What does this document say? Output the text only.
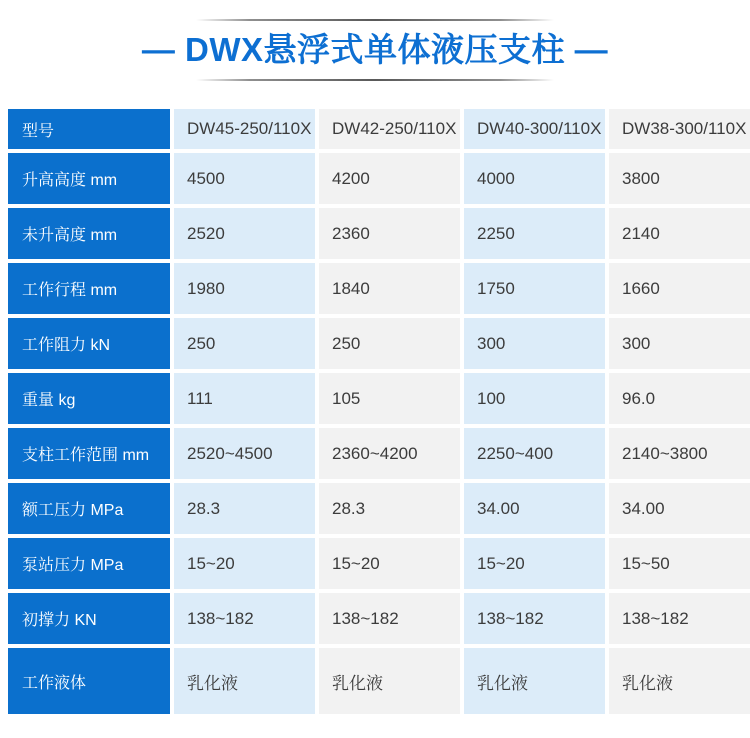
— DWX悬浮式单体液压支柱 —
型号	DW45-250/110X	DW42-250/110X	DW40-300/110X	DW38-300/110X
升高高度 mm	4500	4200	4000	3800
未升高度 mm	2520	2360	2250	2140
工作行程 mm	1980	1840	1750	1660
工作阻力 kN	250	250	300	300
重量 kg	111	105	100	96.0
支柱工作范围 mm	2520~4500	2360~4200	2250~400	2140~3800
额工压力 MPa	28.3	28.3	34.00	34.00
泵站压力 MPa	15~20	15~20	15~20	15~50
初撑力 KN	138~182	138~182	138~182	138~182
工作液体	乳化液	乳化液	乳化液	乳化液
